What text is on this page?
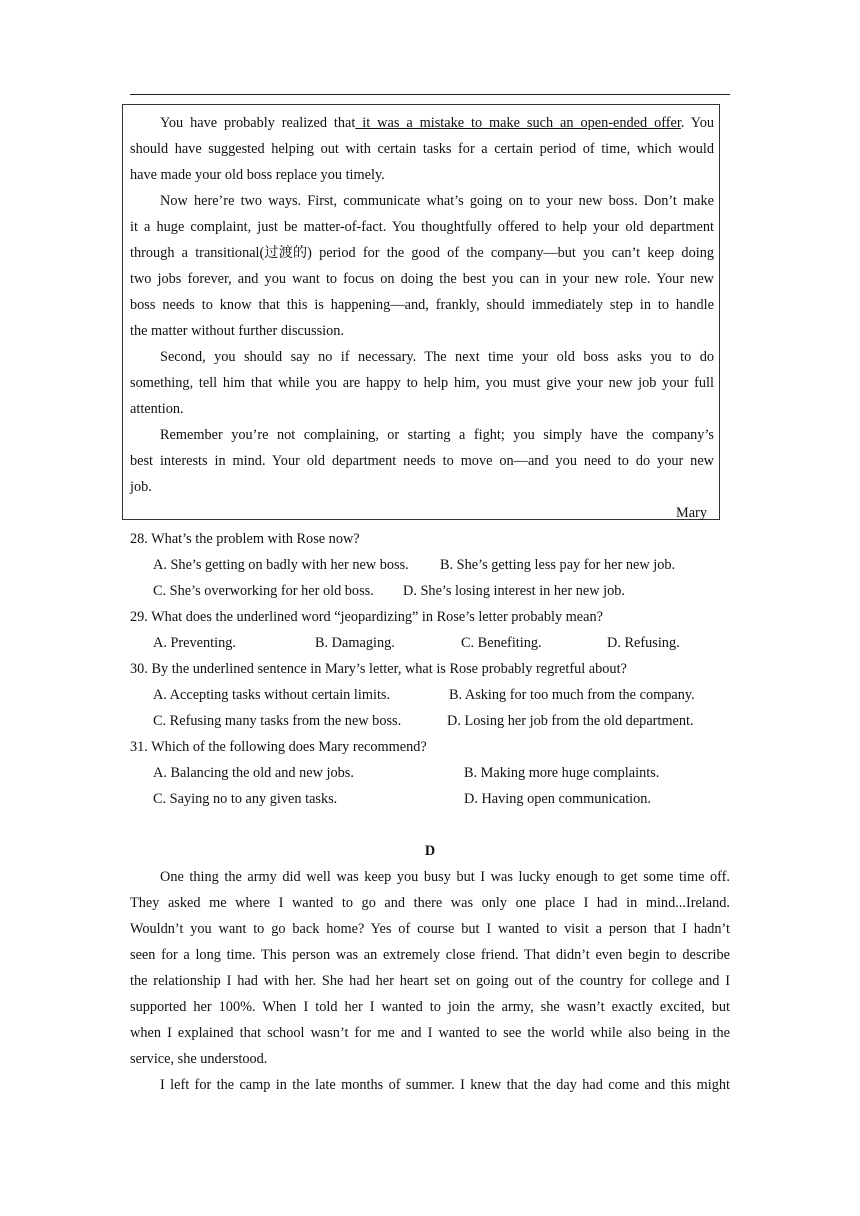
You have probably realized that it was a mistake to make such an open-ended offer. You
should have suggested helping out with certain tasks for a certain period of time, which would
have made your old boss replace you timely.
Now here’re two ways. First, communicate what’s going on to your new boss. Don’t make
it a huge complaint, just be matter-of-fact. You thoughtfully offered to help your old department
through a transitional(过渡的) period for the good of the company—but you can’t keep doing
two jobs forever, and you want to focus on doing the best you can in your new role. Your new
boss needs to know that this is happening—and, frankly, should immediately step in to handle
the matter without further discussion.
Second, you should say no if necessary. The next time your old boss asks you to do
something, tell him that while you are happy to help him, you must give your new job your full
attention.
Remember you’re not complaining, or starting a fight; you simply have the company’s
best interests in mind. Your old department needs to move on—and you need to do your new
job.
Mary
28. What’s the problem with Rose now?
A. She’s getting on badly with her new boss. B. She’s getting less pay for her new job.
C. She’s overworking for her old boss. D. She’s losing interest in her new job.
29. What does the underlined word “jeopardizing” in Rose’s letter probably mean?
A. Preventing.	B. Damaging.	C. Benefiting.	D. Refusing.
30. By the underlined sentence in Mary’s letter, what is Rose probably regretful about?
A. Accepting tasks without certain limits.	B. Asking for too much from the company.
C. Refusing many tasks from the new boss.	D. Losing her job from the old department.
31. Which of the following does Mary recommend?
A. Balancing the old and new jobs.	B. Making more huge complaints.
C. Saying no to any given tasks.	D. Having open communication.
D
One thing the army did well was keep you busy but I was lucky enough to get some time off.
They asked me where I wanted to go and there was only one place I had in mind...Ireland.
Wouldn’t you want to go back home? Yes of course but I wanted to visit a person that I hadn’t
seen for a long time. This person was an extremely close friend. That didn’t even begin to describe
the relationship I had with her. She had her heart set on going out of the country for college and I
supported her 100%. When I told her I wanted to join the army, she wasn’t exactly excited, but
when I explained that school wasn’t for me and I wanted to see the world while also being in the
service, she understood.
I left for the camp in the late months of summer. I knew that the day had come and this might
